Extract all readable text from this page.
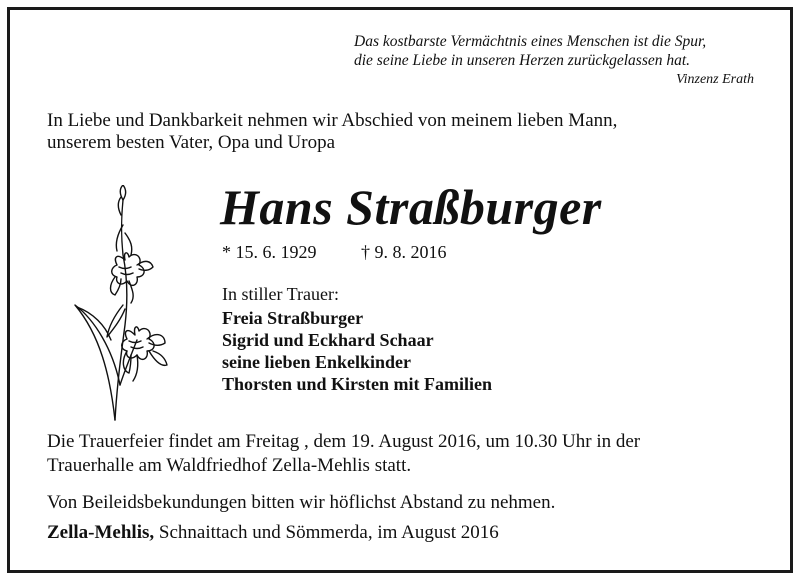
Das kostbarste Vermächtnis eines Menschen ist die Spur,
die seine Liebe in unseren Herzen zurückgelassen hat.
Vinzenz Erath
In Liebe und Dankbarkeit nehmen wir Abschied von meinem lieben Mann,
unserem besten Vater, Opa und Uropa
Hans Straßburger
* 15. 6. 1929 † 9. 8. 2016
In stiller Trauer:
Freia Straßburger
Sigrid und Eckhard Schaar
seine lieben Enkelkinder
Thorsten und Kirsten mit Familien
Die Trauerfeier findet am Freitag , dem 19. August 2016, um 10.30 Uhr in der
Trauerhalle am Waldfriedhof Zella-Mehlis statt.
Von Beileidsbekundungen bitten wir höflichst Abstand zu nehmen.
Zella-Mehlis, Schnaittach und Sömmerda, im August 2016
